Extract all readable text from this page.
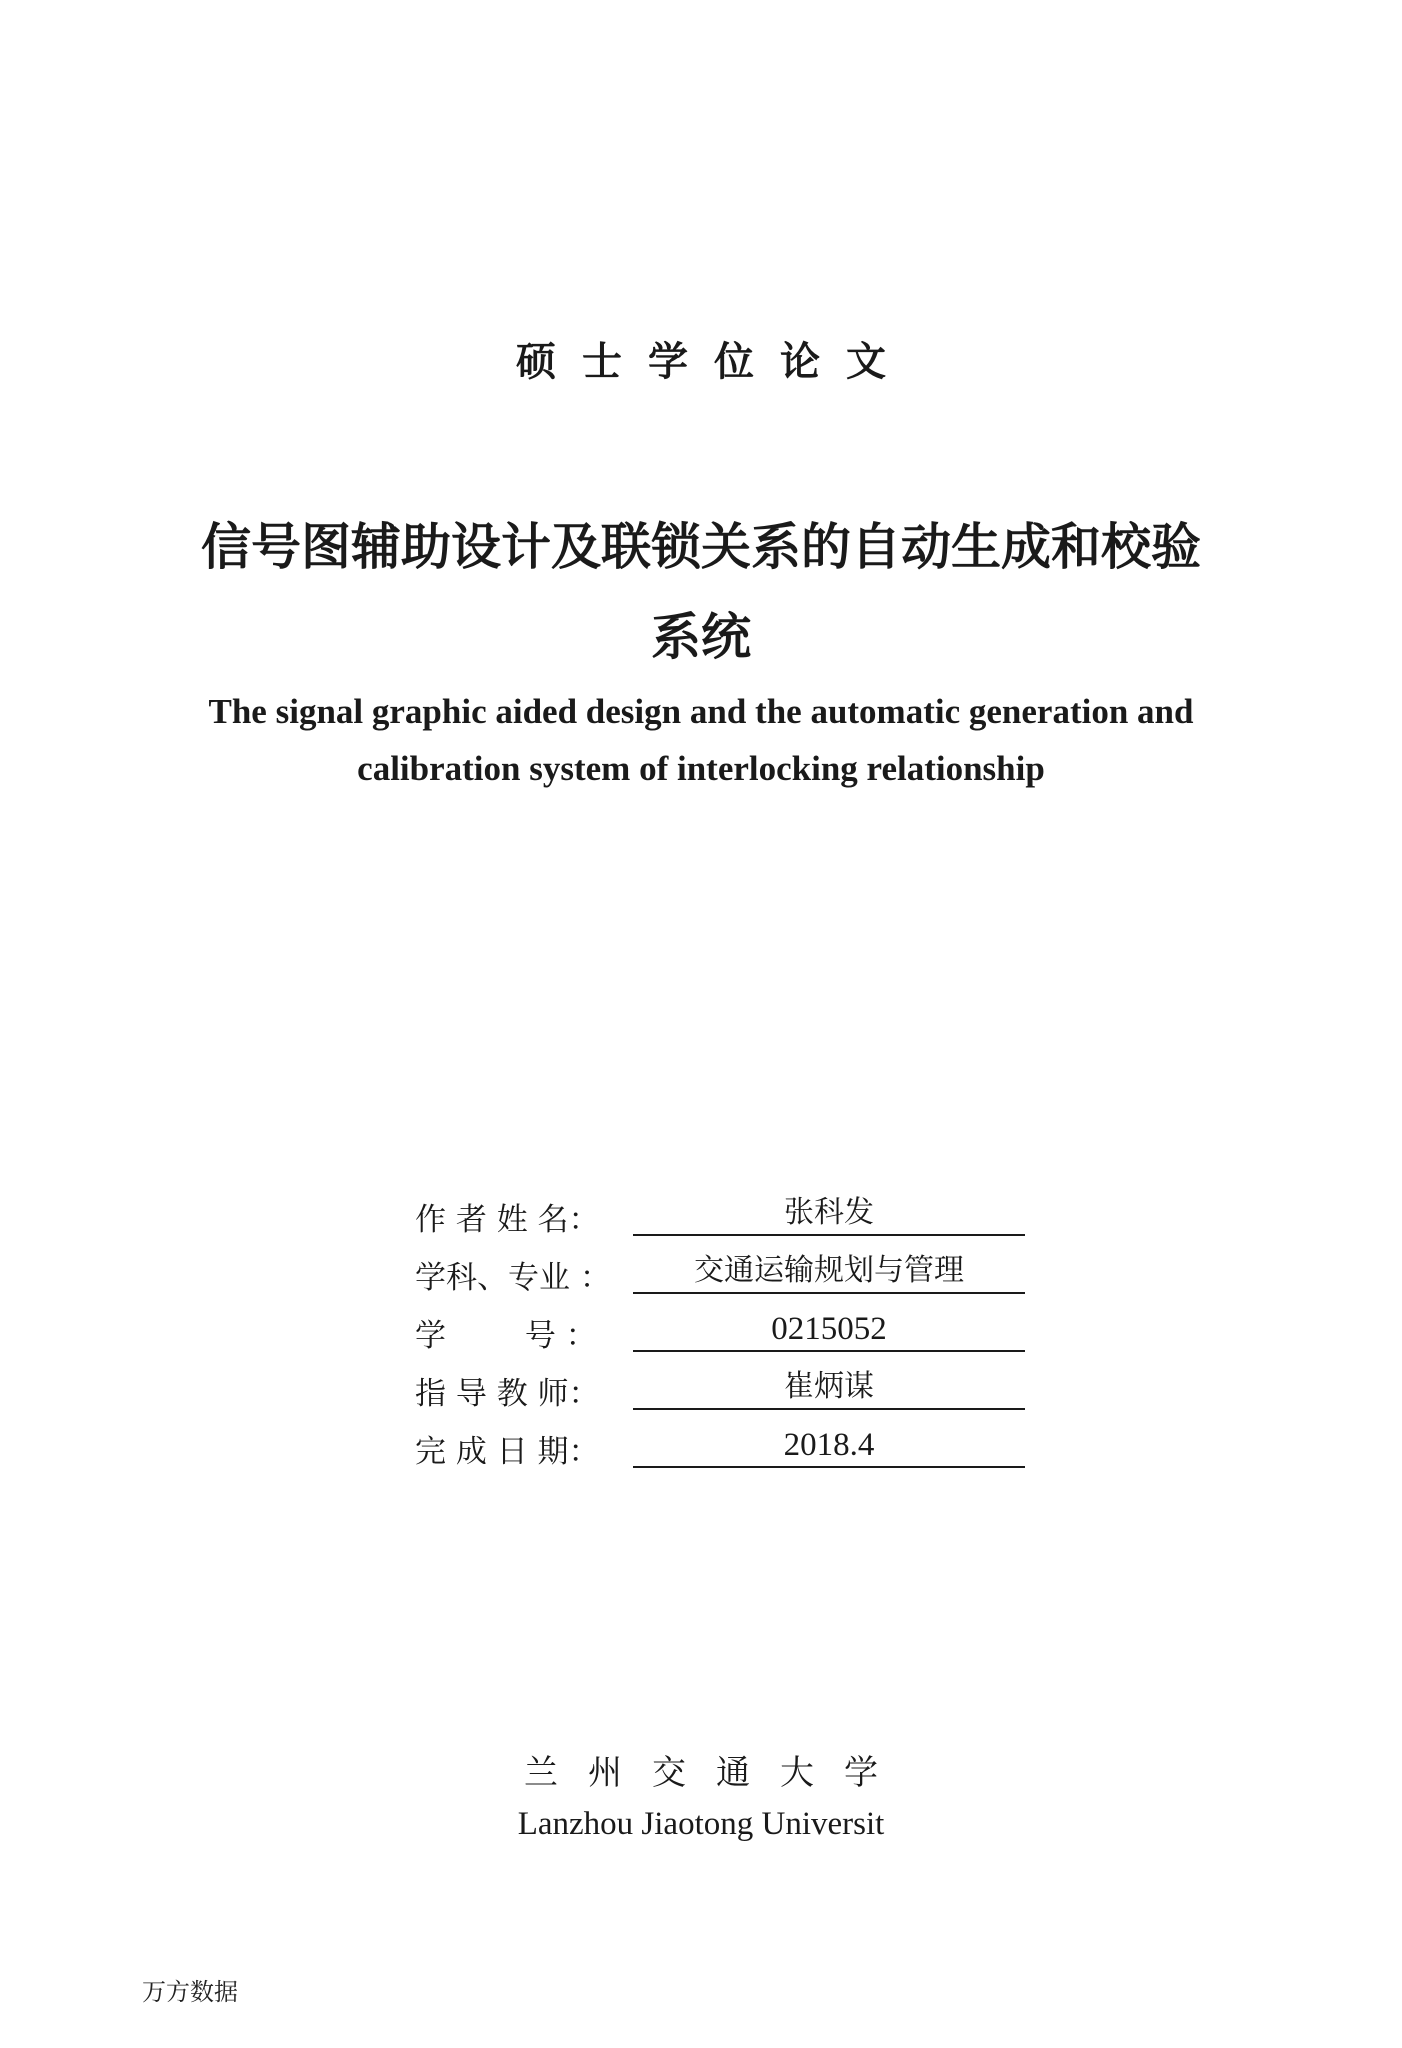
硕士学位论文
信号图辅助设计及联锁关系的自动生成和校验
系统
The signal graphic aided design and the automatic generation and
calibration system of interlocking relationship
作 者 姓 名：	张科发
学科、专业 ：	交通运输规划与管理
学        号 ：	0215052
指 导 教 师：	崔炳谋
完 成 日 期：	2018.4
兰州交通大学
Lanzhou Jiaotong Universit
万方数据
